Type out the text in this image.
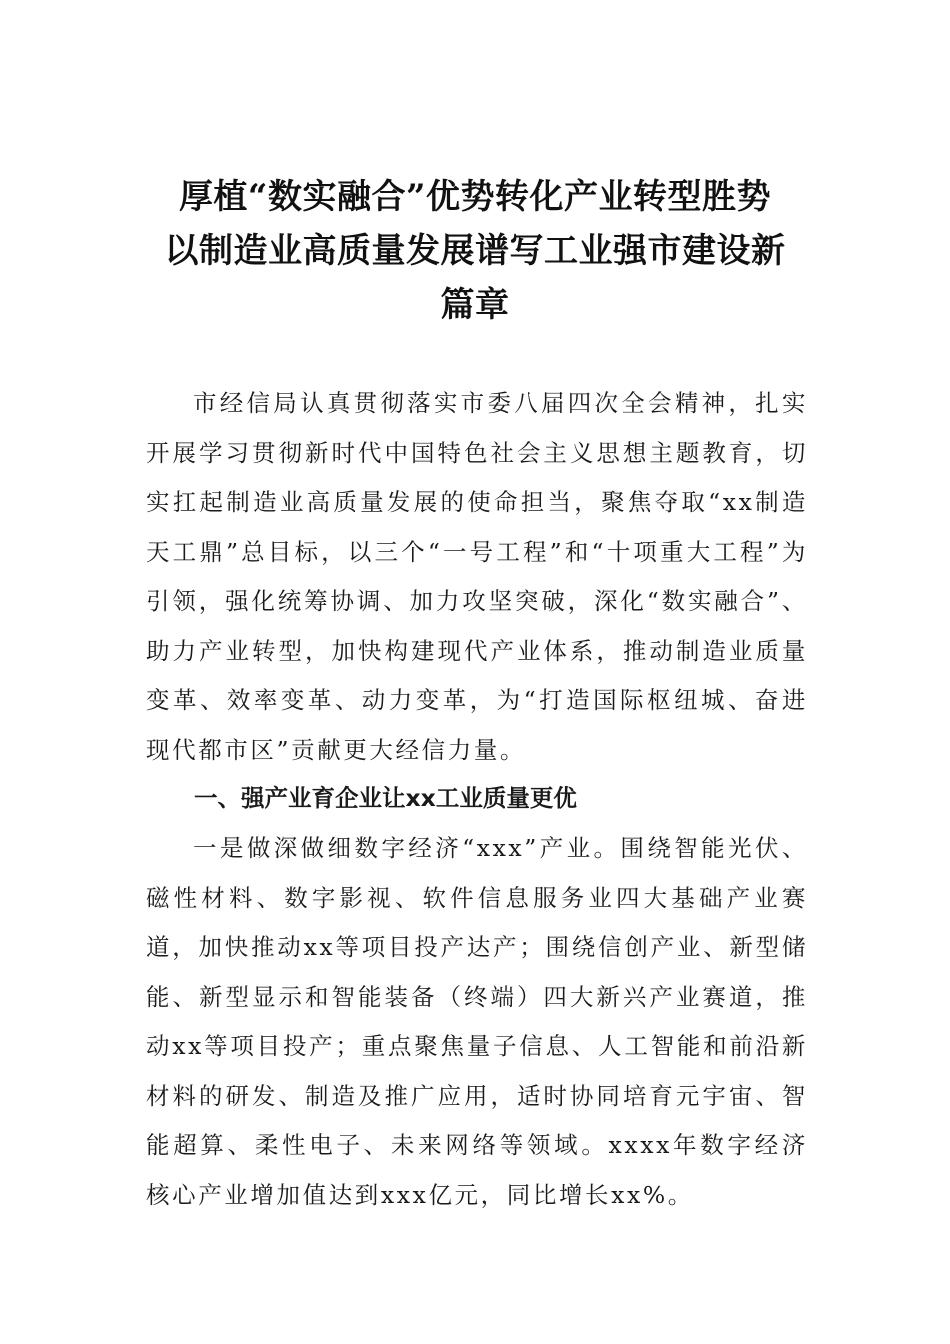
厚植“数实融合”优势转化产业转型胜势
以制造业高质量发展谱写工业强市建设新
篇章

市经信局认真贯彻落实市委八届四次全会精神，扎实开展学习贯彻新时代中国特色社会主义思想主题教育，切实扛起制造业高质量发展的使命担当，聚焦夺取“xx制造天工鼎”总目标，以三个“一号工程”和“十项重大工程”为引领，强化统筹协调、加力攻坚突破，深化“数实融合”、助力产业转型，加快构建现代产业体系，推动制造业质量变革、效率变革、动力变革，为“打造国际枢纽城、奋进现代都市区”贡献更大经信力量。

一、强产业育企业让xx工业质量更优

一是做深做细数字经济“xxx”产业。围绕智能光伏、磁性材料、数字影视、软件信息服务业四大基础产业赛道，加快推动xx等项目投产达产；围绕信创产业、新型储能、新型显示和智能装备（终端）四大新兴产业赛道，推动xx等项目投产；重点聚焦量子信息、人工智能和前沿新材料的研发、制造及推广应用，适时协同培育元宇宙、智能超算、柔性电子、未来网络等领域。xxxx年数字经济核心产业增加值达到xxx亿元，同比增长xx%。
